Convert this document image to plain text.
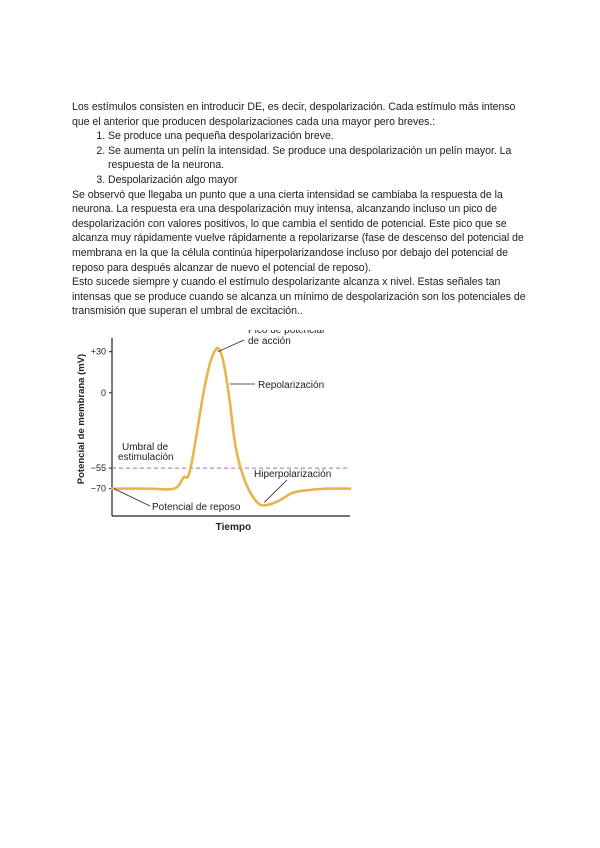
Los estímulos consisten en introducir DE, es decir, despolarización. Cada estímulo más intenso que el anterior que producen despolarizaciones cada una mayor pero breves.:

1. Se produce una pequeña despolarización breve.
2. Se aumenta un pelín la intensidad. Se produce una despolarización un pelín mayor. La respuesta de la neurona.
3. Despolarización algo mayor

Se observó que llegaba un punto que a una cierta intensidad se cambiaba la respuesta de la neurona. La respuesta era una despolarización muy intensa, alcanzando incluso un pico de despolarización con valores positivos, lo que cambia el sentido de potencial. Este pico que se alcanza muy rápidamente vuelve rápidamente a repolarizarse (fase de descenso del potencial de membrana en la que la célula continúa hiperpolarizandose incluso por debajo del potencial de reposo para después alcanzar de nuevo el potencial de reposo).

Esto sucede siempre y cuando el estímulo despolarizante alcanza x nivel. Estas señales tan intensas que se produce cuando se alcanza un mínimo de despolarización son los potenciales de transmisión que superan el umbral de excitación..

+30
0
−55
−70
Tiempo
Potencial de membrana (mV)
Pico de potencial de acción
Repolarización
Umbral de estimulación
Hiperpolarización
Potencial de reposo
